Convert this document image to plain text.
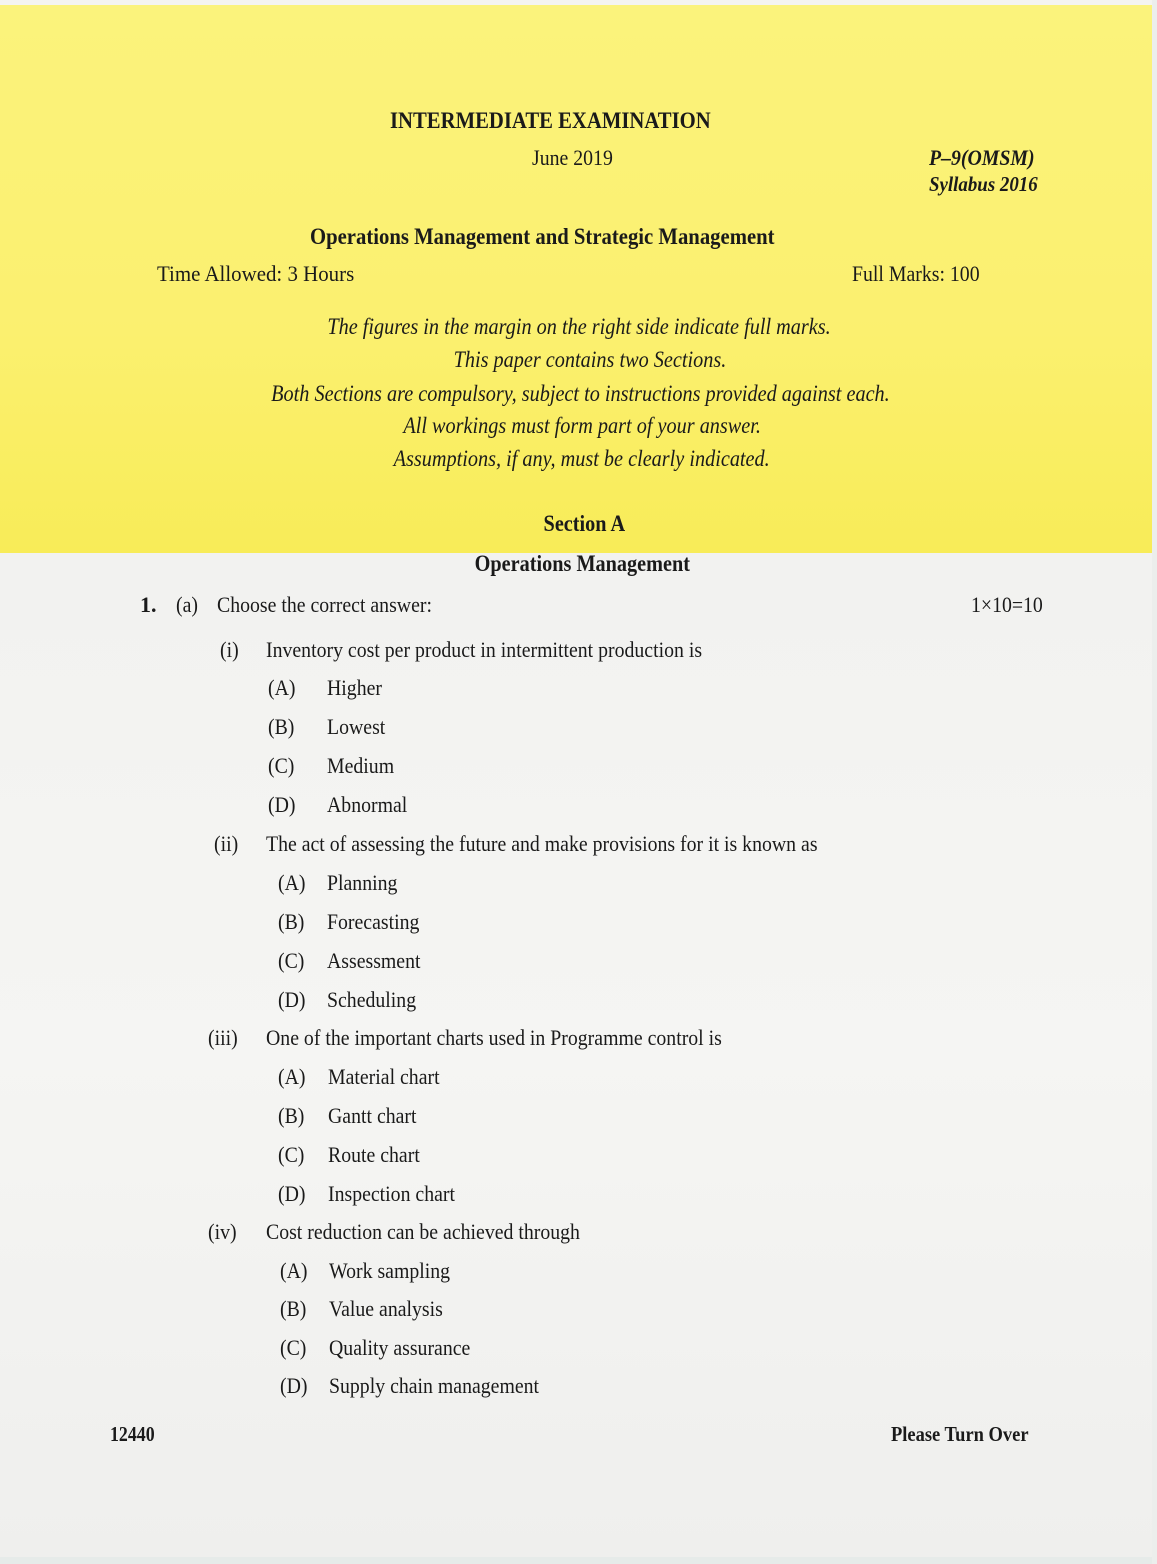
INTERMEDIATE EXAMINATION
June 2019	P–9(OMSM)
Syllabus 2016
Operations Management and Strategic Management
Time Allowed: 3 Hours	Full Marks: 100
The figures in the margin on the right side indicate full marks.
This paper contains two Sections.
Both Sections are compulsory, subject to instructions provided against each.
All workings must form part of your answer.
Assumptions, if any, must be clearly indicated.
Section A
Operations Management
1. (a) Choose the correct answer:	1×10=10
(i) Inventory cost per product in intermittent production is
(A) Higher
(B) Lowest
(C) Medium
(D) Abnormal
(ii) The act of assessing the future and make provisions for it is known as
(A) Planning
(B) Forecasting
(C) Assessment
(D) Scheduling
(iii) One of the important charts used in Programme control is
(A) Material chart
(B) Gantt chart
(C) Route chart
(D) Inspection chart
(iv) Cost reduction can be achieved through
(A) Work sampling
(B) Value analysis
(C) Quality assurance
(D) Supply chain management
12440	Please Turn Over
